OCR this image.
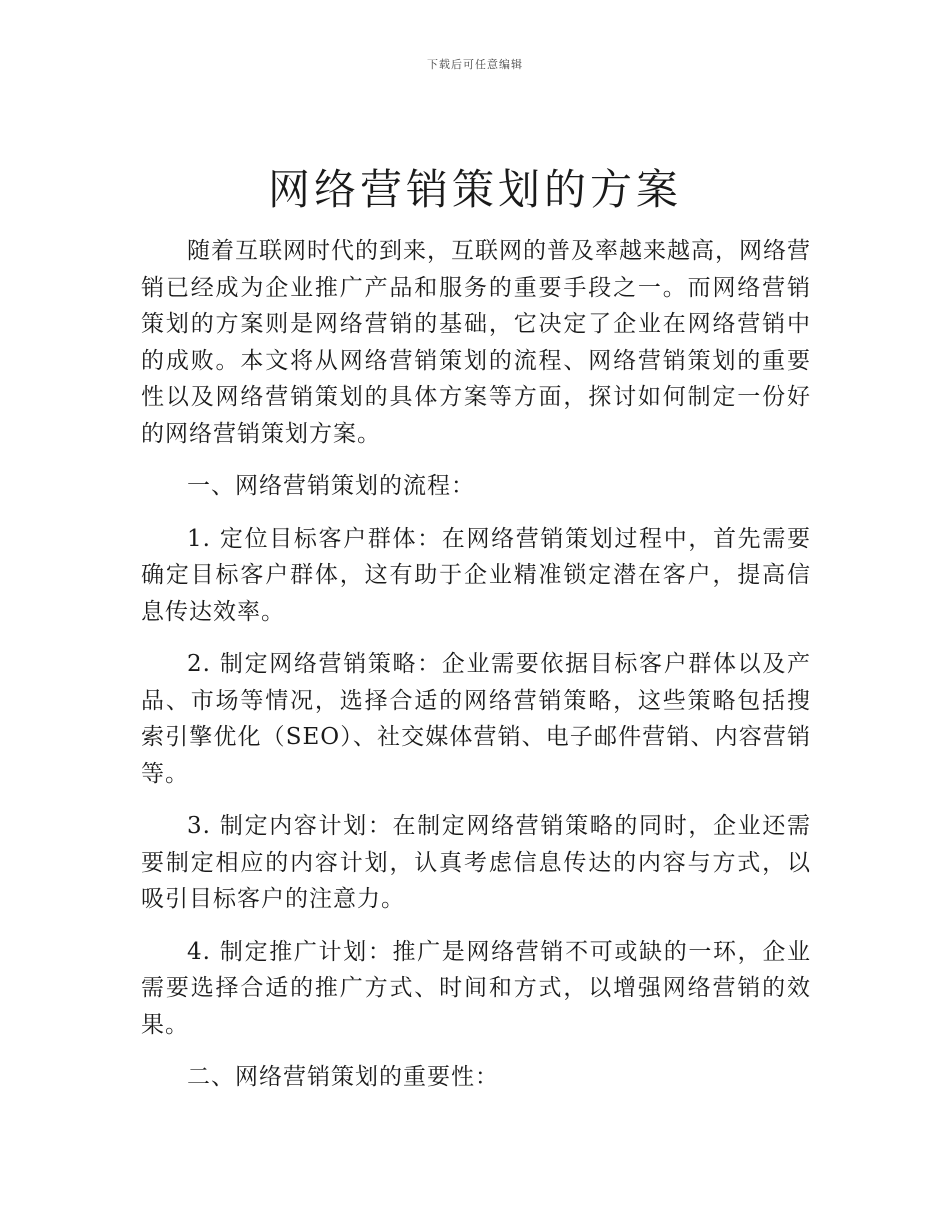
下载后可任意编辑
网络营销策划的方案

随着互联网时代的到来，互联网的普及率越来越高，网络营销已经成为企业推广产品和服务的重要手段之一。而网络营销策划的方案则是网络营销的基础，它决定了企业在网络营销中的成败。本文将从网络营销策划的流程、网络营销策划的重要性以及网络营销策划的具体方案等方面，探讨如何制定一份好的网络营销策划方案。

一、网络营销策划的流程：

1. 定位目标客户群体：在网络营销策划过程中，首先需要确定目标客户群体，这有助于企业精准锁定潜在客户，提高信息传达效率。

2. 制定网络营销策略：企业需要依据目标客户群体以及产品、市场等情况，选择合适的网络营销策略，这些策略包括搜索引擎优化（SEO）、社交媒体营销、电子邮件营销、内容营销等。

3. 制定内容计划：在制定网络营销策略的同时，企业还需要制定相应的内容计划，认真考虑信息传达的内容与方式，以吸引目标客户的注意力。

4. 制定推广计划：推广是网络营销不可或缺的一环，企业需要选择合适的推广方式、时间和方式，以增强网络营销的效果。

二、网络营销策划的重要性：
